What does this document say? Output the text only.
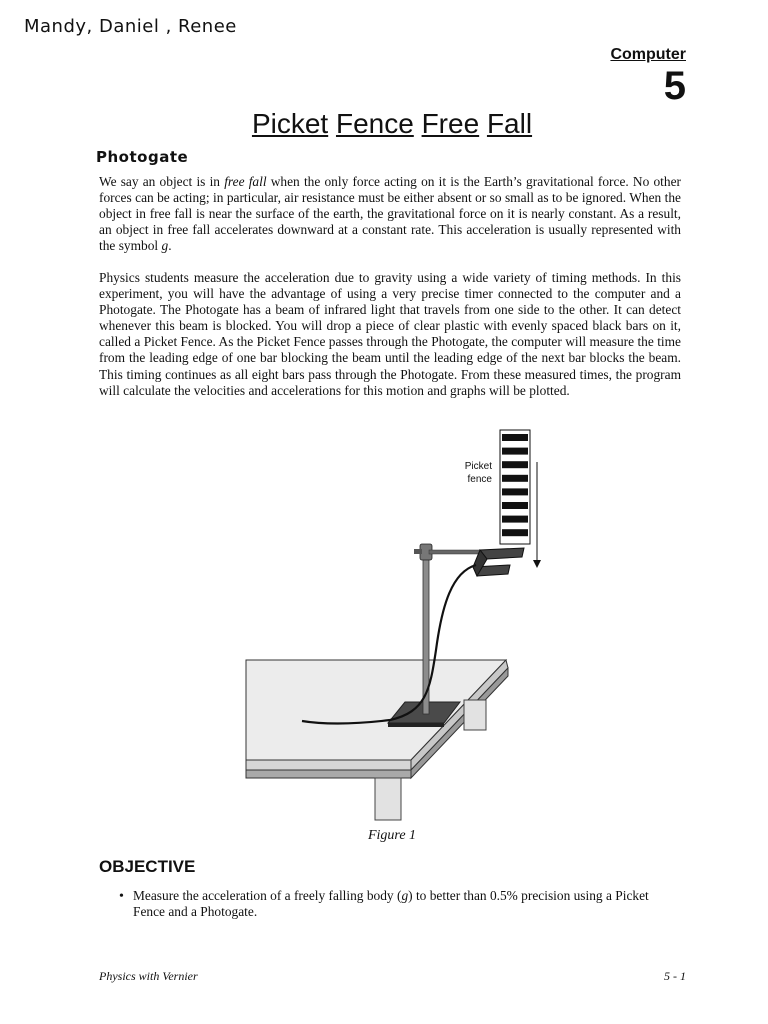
Mandy, Daniel , Renee
Computer
5
Picket Fence Free Fall
Photogate

We say an object is in free fall when the only force acting on it is the Earth’s gravitational force. No other forces can be acting; in particular, air resistance must be either absent or so small as to be ignored. When the object in free fall is near the surface of the earth, the gravitational force on it is nearly constant. As a result, an object in free fall accelerates downward at a constant rate. This acceleration is usually represented with the symbol g.

Physics students measure the acceleration due to gravity using a wide variety of timing methods. In this experiment, you will have the advantage of using a very precise timer connected to the computer and a Photogate. The Photogate has a beam of infrared light that travels from one side to the other. It can detect whenever this beam is blocked. You will drop a piece of clear plastic with evenly spaced black bars on it, called a Picket Fence. As the Picket Fence passes through the Photogate, the computer will measure the time from the leading edge of one bar blocking the beam until the leading edge of the next bar blocks the beam. This timing continues as all eight bars pass through the Photogate. From these measured times, the program will calculate the velocities and accelerations for this motion and graphs will be plotted.

Picket
fence
Figure 1
OBJECTIVE
• Measure the acceleration of a freely falling body (g) to better than 0.5% precision using a Picket Fence and a Photogate.

Physics with Vernier	5 - 1
